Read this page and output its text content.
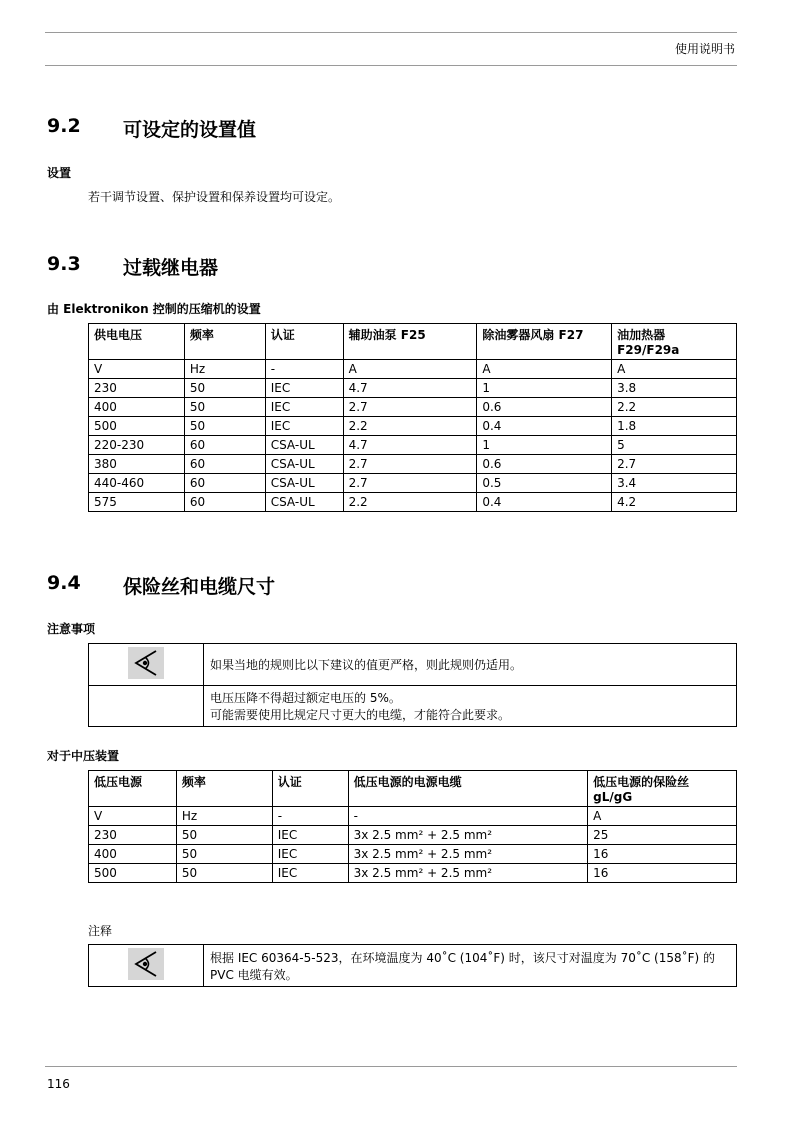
使用说明书
9.2 可设定的设置值
设置
若干调节设置、保护设置和保养设置均可设定。
9.3 过载继电器
由 Elektronikon 控制的压缩机的设置
供电电压	频率	认证	辅助油泵 F25	除油雾器风扇 F27	油加热器 F29/F29a
V	Hz	-	A	A	A
230	50	IEC	4.7	1	3.8
400	50	IEC	2.7	0.6	2.2
500	50	IEC	2.2	0.4	1.8
220-230	60	CSA-UL	4.7	1	5
380	60	CSA-UL	2.7	0.6	2.7
440-460	60	CSA-UL	2.7	0.5	3.4
575	60	CSA-UL	2.2	0.4	4.2
9.4 保险丝和电缆尺寸
注意事项

如果当地的规则比以下建议的值更严格，则此规则仍适用。

	电压压降不得超过额定电压的 5%。
可能需要使用比规定尺寸更大的电缆，才能符合此要求。
对于中压装置
低压电源	频率	认证	低压电源的电源电缆	低压电源的保险丝 gL/gG
V	Hz	-	-	A
230	50	IEC	3x 2.5 mm² + 2.5 mm²	25
400	50	IEC	3x 2.5 mm² + 2.5 mm²	16
500	50	IEC	3x 2.5 mm² + 2.5 mm²	16
注释
	根据 IEC 60364-5-523，在环境温度为 40˚C (104˚F) 时，该尺寸对温度为 70˚C (158˚F) 的 PVC 电缆有效。
116
